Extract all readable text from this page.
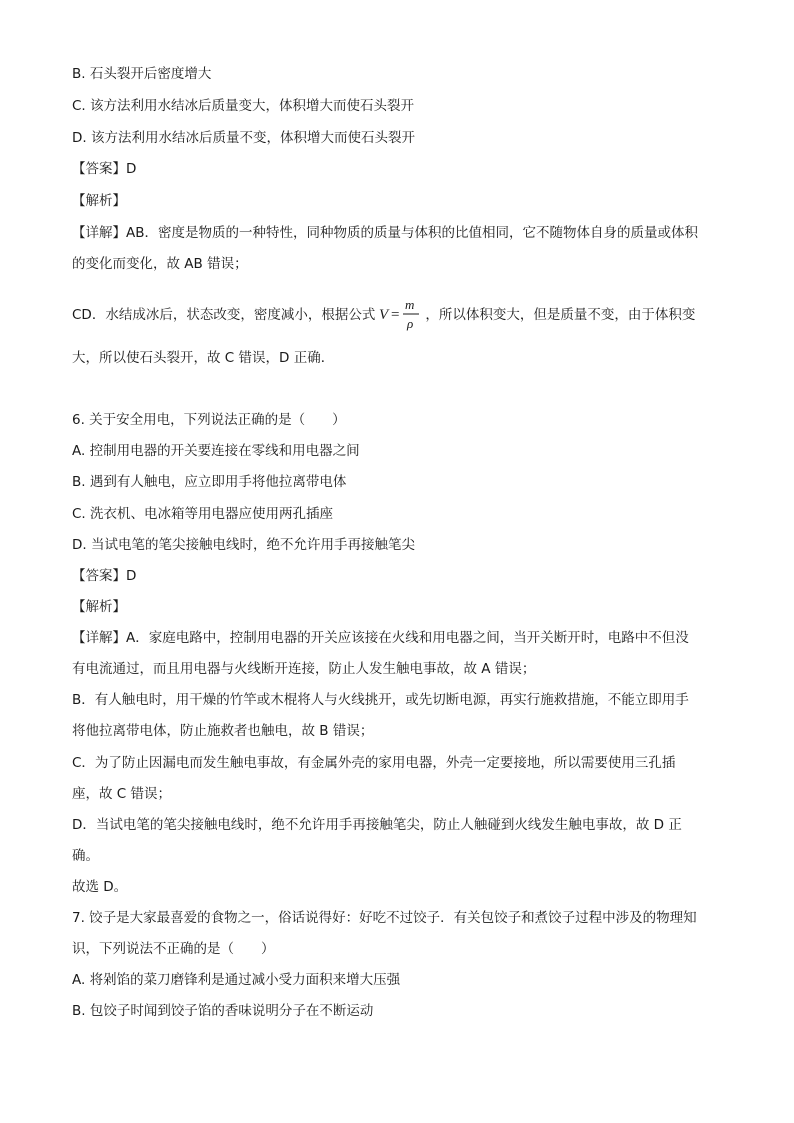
B. 石头裂开后密度增大
C. 该方法利用水结冰后质量变大，体积增大而使石头裂开
D. 该方法利用水结冰后质量不变，体积增大而使石头裂开
【答案】D
【解析】
【详解】AB．密度是物质的一种特性，同种物质的质量与体积的比值相同，它不随物体自身的质量或体积
的变化而变化，故 AB 错误；
CD．水结成冰后，状态改变，密度减小，根据公式 V =
m
ρ
，所以体积变大，但是质量不变，由于体积变
大，所以使石头裂开，故 C 错误，D 正确．
6. 关于安全用电，下列说法正确的是（　　）
A. 控制用电器的开关要连接在零线和用电器之间
B. 遇到有人触电，应立即用手将他拉离带电体
C. 洗衣机、电冰箱等用电器应使用两孔插座
D. 当试电笔的笔尖接触电线时，绝不允许用手再接触笔尖
【答案】D
【解析】
【详解】A．家庭电路中，控制用电器的开关应该接在火线和用电器之间，当开关断开时，电路中不但没
有电流通过，而且用电器与火线断开连接，防止人发生触电事故，故 A 错误；
B．有人触电时，用干燥的竹竿或木棍将人与火线挑开，或先切断电源，再实行施救措施，不能立即用手
将他拉离带电体，防止施救者也触电，故 B 错误；
C．为了防止因漏电而发生触电事故，有金属外壳的家用电器，外壳一定要接地，所以需要使用三孔插
座，故 C 错误；
D．当试电笔的笔尖接触电线时，绝不允许用手再接触笔尖，防止人触碰到火线发生触电事故，故 D 正
确。
故选 D。
7. 饺子是大家最喜爱的食物之一，俗话说得好：好吃不过饺子．有关包饺子和煮饺子过程中涉及的物理知
识，下列说法不正确的是（　　）
A. 将剁馅的菜刀磨锋利是通过减小受力面积来增大压强
B. 包饺子时闻到饺子馅的香味说明分子在不断运动
